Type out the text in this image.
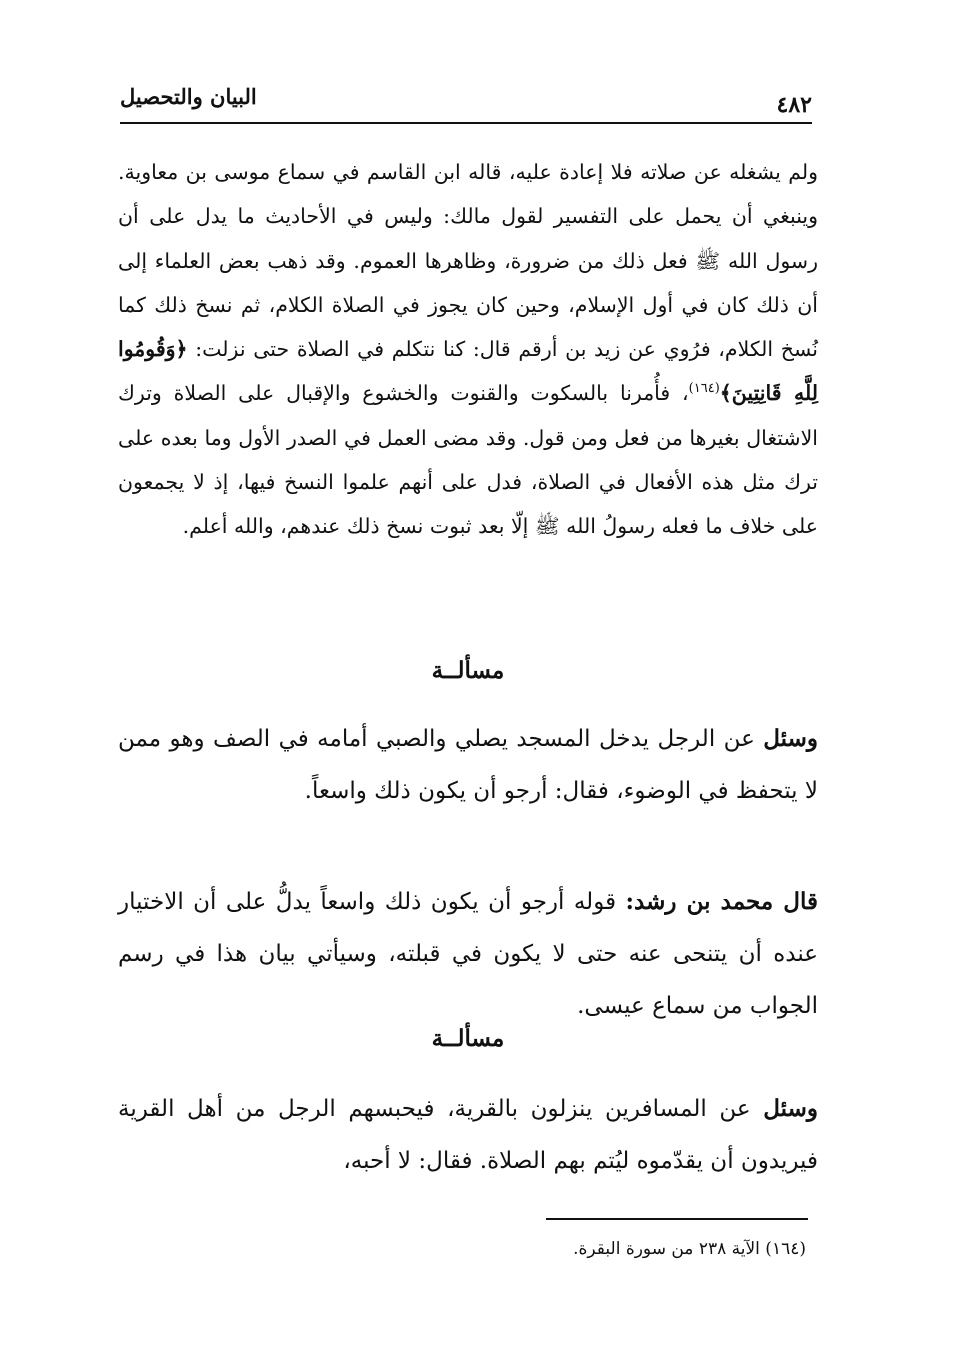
البيان والتحصيل	٤٨٢
ولم يشغله عن صلاته فلا إعادة عليه، قاله ابن القاسم في سماع موسى بن معاوية. وينبغي أن يحمل على التفسير لقول مالك: وليس في الأحاديث ما يدل على أن رسول الله ﷺ فعل ذلك من ضرورة، وظاهرها العموم. وقد ذهب بعض العلماء إلى أن ذلك كان في أول الإسلام، وحين كان يجوز في الصلاة الكلام، ثم نسخ ذلك كما نُسخ الكلام، فرُوي عن زيد بن أرقم قال: كنا نتكلم في الصلاة حتى نزلت: ﴿وَقُومُوا لِلَّهِ قَانِتِينَ﴾$^{(١٦٤)}$، فأُمرنا بالسكوت والقنوت والخشوع والإقبال على الصلاة وترك الاشتغال بغيرها من فعل ومن قول. وقد مضى العمل في الصدر الأول وما بعده على ترك مثل هذه الأفعال في الصلاة، فدل على أنهم علموا النسخ فيها، إذ لا يجمعون على خلاف ما فعله رسولُ الله ﷺ إلّا بعد ثبوت نسخ ذلك عندهم، والله أعلم.
مسألــة
وسئل عن الرجل يدخل المسجد يصلي والصبي أمامه في الصف وهو ممن لا يتحفظ في الوضوء، فقال: أرجو أن يكون ذلك واسعاً.
قال محمد بن رشد: قوله أرجو أن يكون ذلك واسعاً يدلُّ على أن الاختيار عنده أن يتنحى عنه حتى لا يكون في قبلته، وسيأتي بيان هذا في رسم الجواب من سماع عيسى.
مسألــة
وسئل عن المسافرين ينزلون بالقرية، فيحبسهم الرجل من أهل القرية فيريدون أن يقدّموه ليُتم بهم الصلاة. فقال: لا أحبه،
(١٦٤) الآية ٢٣٨ من سورة البقرة.
